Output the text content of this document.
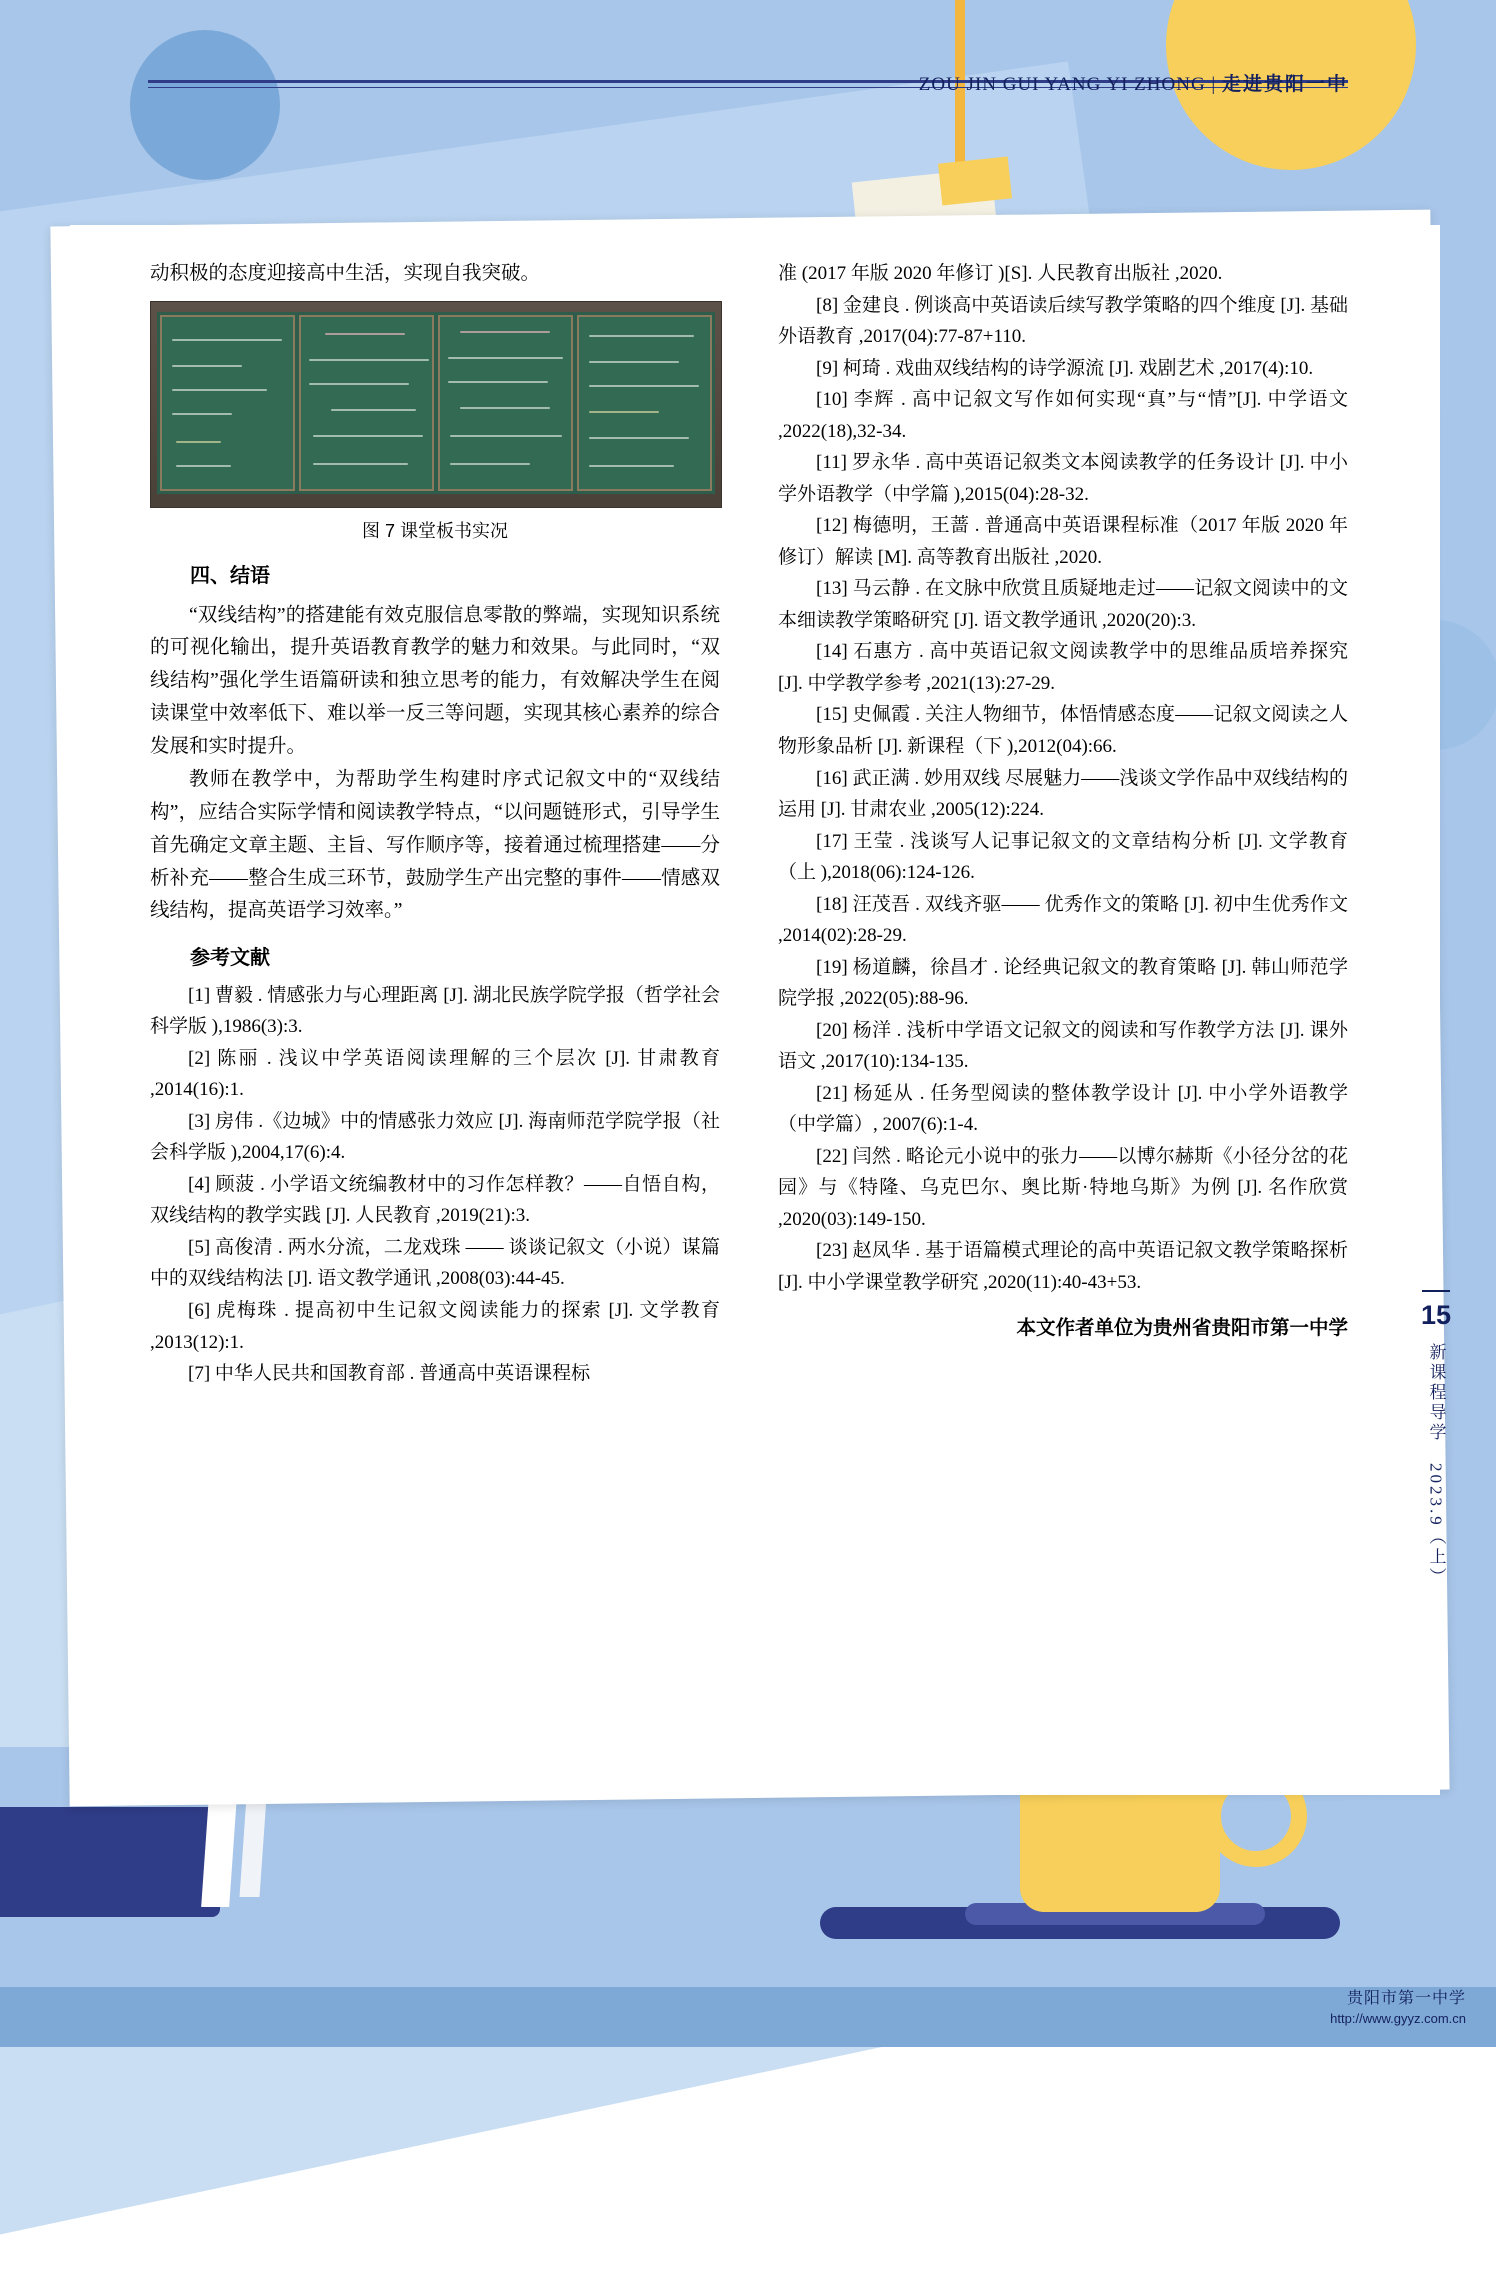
ZOU JIN GUI YANG YI ZHONG | 走进贵阳一中

动积极的态度迎接高中生活，实现自我突破。

图 7 课堂板书实况
四、结语

“双线结构”的搭建能有效克服信息零散的弊端，实现知识系统的可视化输出，提升英语教育教学的魅力和效果。与此同时，“双线结构”强化学生语篇研读和独立思考的能力，有效解决学生在阅读课堂中效率低下、难以举一反三等问题，实现其核心素养的综合发展和实时提升。

教师在教学中，为帮助学生构建时序式记叙文中的“双线结构”，应结合实际学情和阅读教学特点，“以问题链形式，引导学生首先确定文章主题、主旨、写作顺序等，接着通过梳理搭建——分析补充——整合生成三环节，鼓励学生产出完整的事件——情感双线结构，提高英语学习效率。”

参考文献

[1] 曹毅 . 情感张力与心理距离 [J]. 湖北民族学院学报（哲学社会科学版 ),1986(3):3.

[2] 陈丽 . 浅议中学英语阅读理解的三个层次 [J]. 甘肃教育 ,2014(16):1.

[3] 房伟 .《边城》中的情感张力效应 [J]. 海南师范学院学报（社会科学版 ),2004,17(6):4.

[4] 顾菠 . 小学语文统编教材中的习作怎样教？——自悟自构，双线结构的教学实践 [J]. 人民教育 ,2019(21):3.

[5] 高俊清 . 两水分流，二龙戏珠 —— 谈谈记叙文（小说）谋篇中的双线结构法 [J]. 语文教学通讯 ,2008(03):44-45.

[6] 虎梅珠 . 提高初中生记叙文阅读能力的探索 [J]. 文学教育 ,2013(12):1.

[7] 中华人民共和国教育部 . 普通高中英语课程标

准 (2017 年版 2020 年修订 )[S]. 人民教育出版社 ,2020.

[8] 金建良 . 例谈高中英语读后续写教学策略的四个维度 [J]. 基础外语教育 ,2017(04):77-87+110.

[9] 柯琦 . 戏曲双线结构的诗学源流 [J]. 戏剧艺术 ,2017(4):10.

[10] 李辉 . 高中记叙文写作如何实现“真”与“情”[J]. 中学语文 ,2022(18),32-34.

[11] 罗永华 . 高中英语记叙类文本阅读教学的任务设计 [J]. 中小学外语教学（中学篇 ),2015(04):28-32.

[12] 梅德明，王蔷 . 普通高中英语课程标准（2017 年版 2020 年修订）解读 [M]. 高等教育出版社 ,2020.

[13] 马云静 . 在文脉中欣赏且质疑地走过——记叙文阅读中的文本细读教学策略研究 [J]. 语文教学通讯 ,2020(20):3.

[14] 石惠方 . 高中英语记叙文阅读教学中的思维品质培养探究 [J]. 中学教学参考 ,2021(13):27-29.

[15] 史佩霞 . 关注人物细节，体悟情感态度——记叙文阅读之人物形象品析 [J]. 新课程（下 ),2012(04):66.

[16] 武正满 . 妙用双线 尽展魅力——浅谈文学作品中双线结构的运用 [J]. 甘肃农业 ,2005(12):224.

[17] 王莹 . 浅谈写人记事记叙文的文章结构分析 [J]. 文学教育（上 ),2018(06):124-126.

[18] 汪茂吾 . 双线齐驱—— 优秀作文的策略 [J]. 初中生优秀作文 ,2014(02):28-29.

[19] 杨道麟，徐昌才 . 论经典记叙文的教育策略 [J]. 韩山师范学院学报 ,2022(05):88-96.

[20] 杨洋 . 浅析中学语文记叙文的阅读和写作教学方法 [J]. 课外语文 ,2017(10):134-135.

[21] 杨延从 . 任务型阅读的整体教学设计 [J]. 中小学外语教学（中学篇）, 2007(6):1-4.

[22] 闫然 . 略论元小说中的张力——以博尔赫斯《小径分岔的花园》与《特隆、乌克巴尔、奥比斯·特地乌斯》为例 [J]. 名作欣赏 ,2020(03):149-150.

[23] 赵凤华 . 基于语篇模式理论的高中英语记叙文教学策略探析 [J]. 中小学课堂教学研究 ,2020(11):40-43+53.

本文作者单位为贵州省贵阳市第一中学	15
新课程导学　2023.9（上）
贵阳市第一中学
http://www.gyyz.com.cn
